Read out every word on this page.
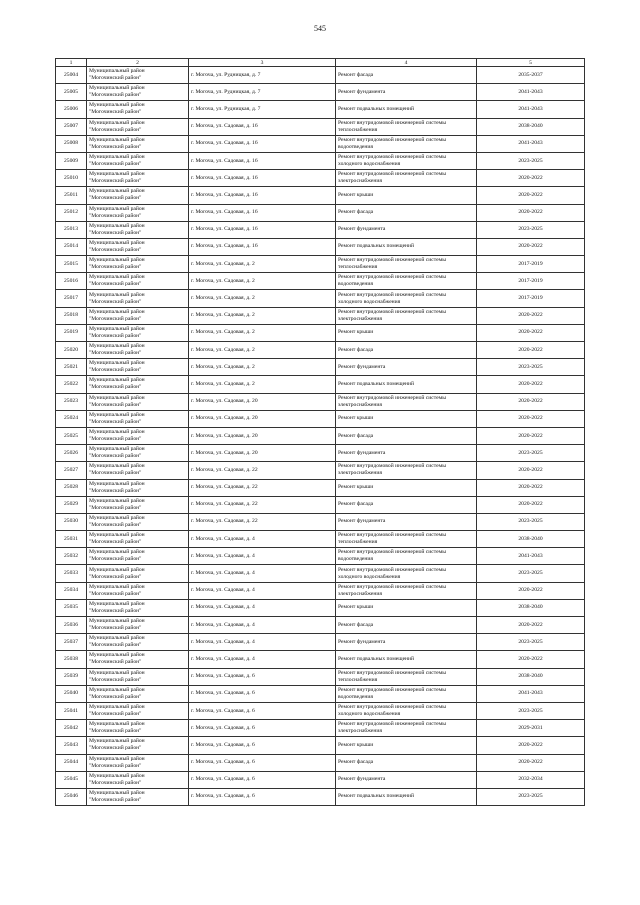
545
1	2	3	4	5
25004	Муниципальный район
"Могочинский район"	г. Могоча, ул. Рудницкая, д. 7	Ремонт фасада	2035-2037
25005	Муниципальный район
"Могочинский район"	г. Могоча, ул. Рудницкая, д. 7	Ремонт фундамента	2041-2043
25006	Муниципальный район
"Могочинский район"	г. Могоча, ул. Рудницкая, д. 7	Ремонт подвальных помещений	2041-2043
25007	Муниципальный район
"Могочинский район"	г. Могоча, ул. Садовая, д. 16	Ремонт внутридомовой инженерной системы
теплоснабжения	2038-2040
25008	Муниципальный район
"Могочинский район"	г. Могоча, ул. Садовая, д. 16	Ремонт внутридомовой инженерной системы
водоотведения	2041-2043
25009	Муниципальный район
"Могочинский район"	г. Могоча, ул. Садовая, д. 16	Ремонт внутридомовой инженерной системы
холодного водоснабжения	2023-2025
25010	Муниципальный район
"Могочинский район"	г. Могоча, ул. Садовая, д. 16	Ремонт внутридомовой инженерной системы
электроснабжения	2020-2022
25011	Муниципальный район
"Могочинский район"	г. Могоча, ул. Садовая, д. 16	Ремонт крыши	2020-2022
25012	Муниципальный район
"Могочинский район"	г. Могоча, ул. Садовая, д. 16	Ремонт фасада	2020-2022
25013	Муниципальный район
"Могочинский район"	г. Могоча, ул. Садовая, д. 16	Ремонт фундамента	2023-2025
25014	Муниципальный район
"Могочинский район"	г. Могоча, ул. Садовая, д. 16	Ремонт подвальных помещений	2020-2022
25015	Муниципальный район
"Могочинский район"	г. Могоча, ул. Садовая, д. 2	Ремонт внутридомовой инженерной системы
теплоснабжения	2017-2019
25016	Муниципальный район
"Могочинский район"	г. Могоча, ул. Садовая, д. 2	Ремонт внутридомовой инженерной системы
водоотведения	2017-2019
25017	Муниципальный район
"Могочинский район"	г. Могоча, ул. Садовая, д. 2	Ремонт внутридомовой инженерной системы
холодного водоснабжения	2017-2019
25018	Муниципальный район
"Могочинский район"	г. Могоча, ул. Садовая, д. 2	Ремонт внутридомовой инженерной системы
электроснабжения	2020-2022
25019	Муниципальный район
"Могочинский район"	г. Могоча, ул. Садовая, д. 2	Ремонт крыши	2020-2022
25020	Муниципальный район
"Могочинский район"	г. Могоча, ул. Садовая, д. 2	Ремонт фасада	2020-2022
25021	Муниципальный район
"Могочинский район"	г. Могоча, ул. Садовая, д. 2	Ремонт фундамента	2023-2025
25022	Муниципальный район
"Могочинский район"	г. Могоча, ул. Садовая, д. 2	Ремонт подвальных помещений	2020-2022
25023	Муниципальный район
"Могочинский район"	г. Могоча, ул. Садовая, д. 20	Ремонт внутридомовой инженерной системы
электроснабжения	2020-2022
25024	Муниципальный район
"Могочинский район"	г. Могоча, ул. Садовая, д. 20	Ремонт крыши	2020-2022
25025	Муниципальный район
"Могочинский район"	г. Могоча, ул. Садовая, д. 20	Ремонт фасада	2020-2022
25026	Муниципальный район
"Могочинский район"	г. Могоча, ул. Садовая, д. 20	Ремонт фундамента	2023-2025
25027	Муниципальный район
"Могочинский район"	г. Могоча, ул. Садовая, д. 22	Ремонт внутридомовой инженерной системы
электроснабжения	2020-2022
25028	Муниципальный район
"Могочинский район"	г. Могоча, ул. Садовая, д. 22	Ремонт крыши	2020-2022
25029	Муниципальный район
"Могочинский район"	г. Могоча, ул. Садовая, д. 22	Ремонт фасада	2020-2022
25030	Муниципальный район
"Могочинский район"	г. Могоча, ул. Садовая, д. 22	Ремонт фундамента	2023-2025
25031	Муниципальный район
"Могочинский район"	г. Могоча, ул. Садовая, д. 4	Ремонт внутридомовой инженерной системы
теплоснабжения	2038-2040
25032	Муниципальный район
"Могочинский район"	г. Могоча, ул. Садовая, д. 4	Ремонт внутридомовой инженерной системы
водоотведения	2041-2043
25033	Муниципальный район
"Могочинский район"	г. Могоча, ул. Садовая, д. 4	Ремонт внутридомовой инженерной системы
холодного водоснабжения	2023-2025
25034	Муниципальный район
"Могочинский район"	г. Могоча, ул. Садовая, д. 4	Ремонт внутридомовой инженерной системы
электроснабжения	2020-2022
25035	Муниципальный район
"Могочинский район"	г. Могоча, ул. Садовая, д. 4	Ремонт крыши	2038-2040
25036	Муниципальный район
"Могочинский район"	г. Могоча, ул. Садовая, д. 4	Ремонт фасада	2020-2022
25037	Муниципальный район
"Могочинский район"	г. Могоча, ул. Садовая, д. 4	Ремонт фундамента	2023-2025
25038	Муниципальный район
"Могочинский район"	г. Могоча, ул. Садовая, д. 4	Ремонт подвальных помещений	2020-2022
25039	Муниципальный район
"Могочинский район"	г. Могоча, ул. Садовая, д. 6	Ремонт внутридомовой инженерной системы
теплоснабжения	2038-2040
25040	Муниципальный район
"Могочинский район"	г. Могоча, ул. Садовая, д. 6	Ремонт внутридомовой инженерной системы
водоотведения	2041-2043
25041	Муниципальный район
"Могочинский район"	г. Могоча, ул. Садовая, д. 6	Ремонт внутридомовой инженерной системы
холодного водоснабжения	2023-2025
25042	Муниципальный район
"Могочинский район"	г. Могоча, ул. Садовая, д. 6	Ремонт внутридомовой инженерной системы
электроснабжения	2029-2031
25043	Муниципальный район
"Могочинский район"	г. Могоча, ул. Садовая, д. 6	Ремонт крыши	2020-2022
25044	Муниципальный район
"Могочинский район"	г. Могоча, ул. Садовая, д. 6	Ремонт фасада	2020-2022
25045	Муниципальный район
"Могочинский район"	г. Могоча, ул. Садовая, д. 6	Ремонт фундамента	2032-2034
25046	Муниципальный район
"Могочинский район"	г. Могоча, ул. Садовая, д. 6	Ремонт подвальных помещений	2023-2025
